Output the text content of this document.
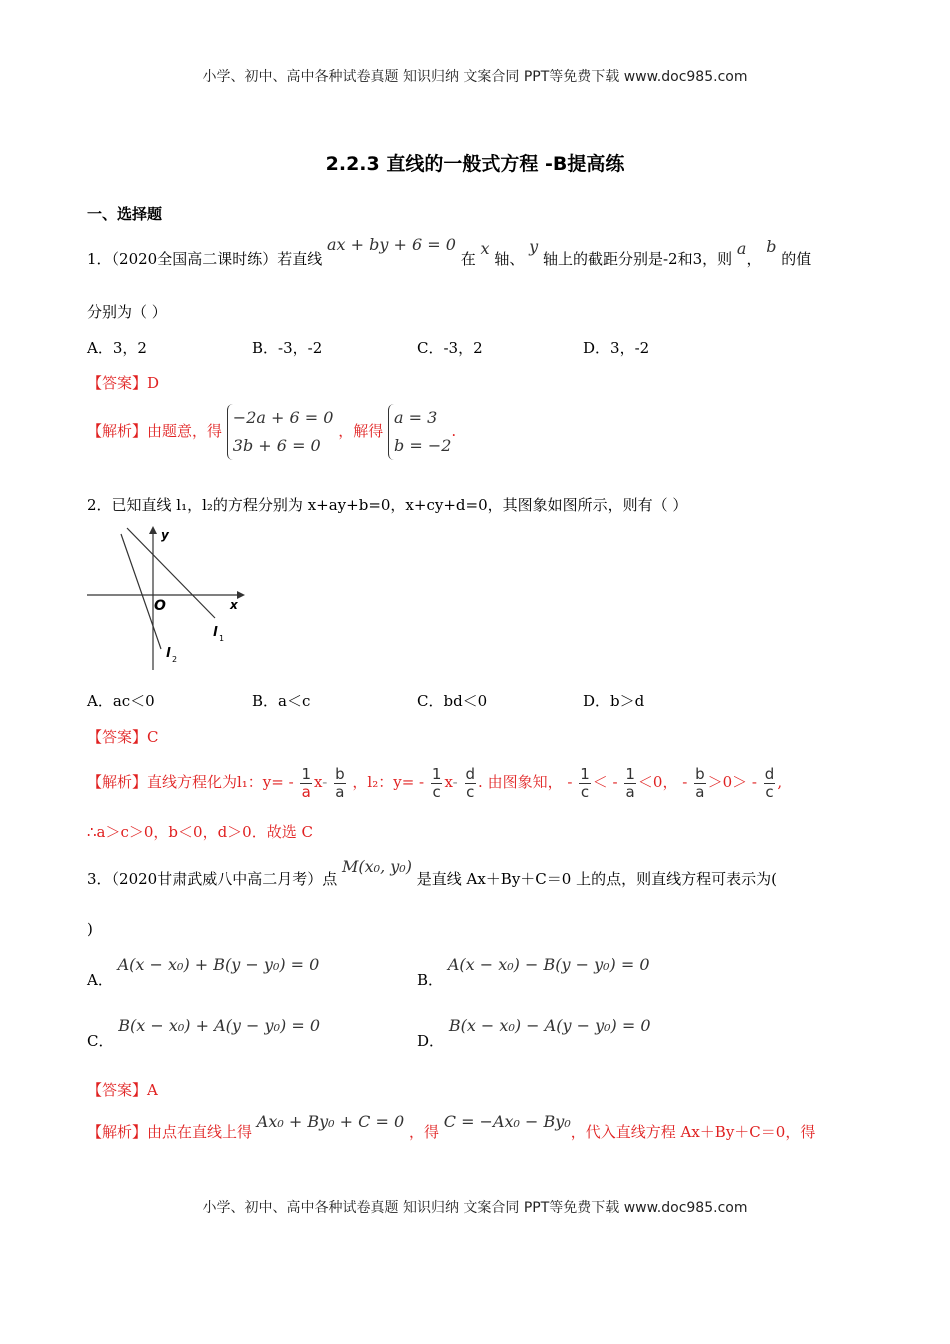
小学、初中、高中各种试卷真题 知识归纳 文案合同 PPT等免费下载 www.doc985.com
2.2.3 直线的一般式方程 -B提高练
一、选择题
1．（2020全国高二课时练）若直线 ax + by + 6 = 0 在 x 轴、 y 轴上的截距分别是-2和3，则 a， b 的值
分别为（ ）
A．3，2	B．-3，-2	C．-3，2	D．3，-2
【答案】D
【解析】由题意，得
−2a + 6 = 0
3b + 6 = 0
，解得
a = 3
b = −2
.
2．已知直线 l₁，l₂的方程分别为 x+ay+b=0，x+cy+d=0，其图象如图所示，则有（ ）
y
x
O
l 1
l 2
A．ac＜0	B．a＜c	C．bd＜0	D．b＞d
【答案】C
【解析】直线方程化为l₁：$y= - \frac{1}{a} x- \frac{b}{a}$ ，l₂：$y= - \frac{1}{c} x- \frac{d}{c}$ . 由图象知， - $\frac{1}{c}$ ＜ - $\frac{1}{a} <0$， - $\frac{b}{a} >0> - \frac{d}{c}$ ,
∴a＞c＞0，b＜0，d＞0．故选 C
3．（2020甘肃武威八中高二月考）点 M(x₀, y₀) 是直线 Ax＋By＋C＝0 上的点，则直线方程可表示为(
)
A． A(x − x₀) + B(y − y₀) = 0
B． A(x − x₀) − B(y − y₀) = 0
C． B(x − x₀) + A(y − y₀) = 0
D． B(x − x₀) − A(y − y₀) = 0
【答案】A
【解析】由点在直线上得 Ax₀ + By₀ + C = 0 ，得 C = −Ax₀ − By₀，代入直线方程 Ax＋By＋C＝0，得
小学、初中、高中各种试卷真题 知识归纳 文案合同 PPT等免费下载 www.doc985.com
